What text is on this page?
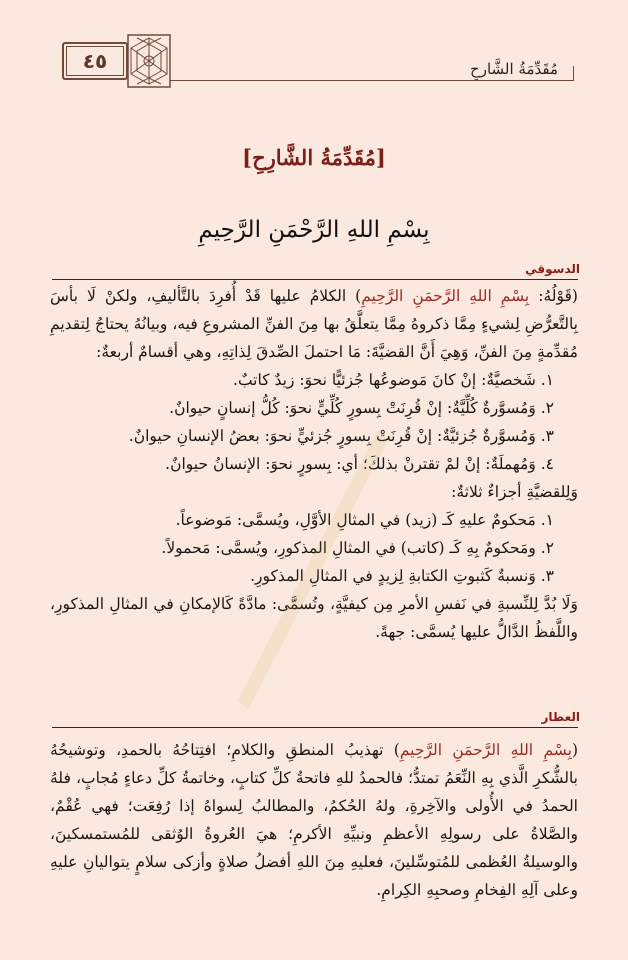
٤٥	مُقَدِّمَةُ الشَّارحِ
[مُقَدِّمَةُ الشَّارِحِ]
بِسْمِ اللهِ الرَّحْمَنِ الرَّحِيمِ
الدسوقي

(قَوْلُهُ: بِسْمِ اللهِ الرَّحمَنِ الرَّحِيمِ) الكلامُ عليها قَدْ أُفرِدَ بالتَّأليفِ، ولكنْ لَا بأسَ بِالتَّعرُّضِ لِشيءٍ مِمَّا ذكروهُ مِمَّا يتعلَّقُ بها مِنَ الفنِّ المشروعِ فيه، وبيانُهُ يحتاجُ لِتقديمِ مُقدِّمةٍ مِنَ الفنِّ، وَهِيَ أَنَّ القضيَّةَ: مَا احتملَ الصِّدقَ لِذاتِهِ، وهي أقسامٌ أربعةٌ:

١. شَخصيَّةٌ: إنْ كانَ مَوضوعُها جُزئيًّا نحوَ: زيدٌ كاتبٌ.

٢. وَمُسوَّرةٌ كُلِّيَّةٌ: إنْ قُرِنَتْ بِسورٍ كُلِّيٍّ نحوَ: كُلُّ إنسانٍ حيوانٌ.

٣. وَمُسوَّرةٌ جُزئيَّةٌ: إنْ قُرِنَتْ بِسورٍ جُزئيٍّ نحوَ: بعضُ الإنسانِ حيوانٌ.

٤. وَمُهملَةٌ: إنْ لمْ تقترنْ بذلكَ؛ أي: بِسورٍ نحوَ: الإنسانُ حيوانٌ.

وَلِلقضيَّةِ أجزاءٌ ثلاثةٌ:

١. مَحكومٌ عليهِ كَـ (زيد) في المثالِ الأوَّلِ، ويُسمَّى: مَوضوعاً.

٢. ومَحكومٌ بِهِ كَـ (كاتب) في المثالِ المذكورِ، ويُسمَّى: مَحمولاً.

٣. وَنسبةٌ كَثبوتِ الكتابةِ لِزيدٍ في المثالِ المذكورِ.

وَلَا بُدَّ لِلنِّسبةِ في نَفسِ الأمرِ مِن كيفيَّةٍ، وتُسمَّى: مادَّةً كَالإمكانِ في المثالِ المذكورِ، واللَّفظُ الدَّالُّ عليها يُسمَّى: جهةً.

العطار

(بِسْمِ اللهِ الرَّحمَنِ الرَّحِيمِ) تهذيبُ المنطقِ والكلامِ؛ افتِتاحُهُ بالحمدِ، وتوشيحُهُ بالشُّكرِ الَّذي بِهِ النِّعَمُ تمتدُّ؛ فالحمدُ للهِ فاتحةُ كلِّ كتابٍ، وخاتمةُ كلِّ دعاءٍ مُجابٍ، فلهُ الحمدُ في الأُولى والآخِرةِ، ولهُ الحُكمُ، والمطالبُ لِسواهُ إذا رُفِعَت؛ فهي عُقْمٌ، والصَّلاةُ على رسولِهِ الأعظمِ ونبيِّهِ الأكرمِ؛ هيَ العُروةُ الوُثقى للمُستمسكينَ، والوسيلةُ العُظمى للمُتوسِّلينَ، فعليهِ مِنَ اللهِ أفضلُ صلاةٍ وأزكى سلامٍ يتواليانِ عليهِ وعلى آلِهِ الفِخامِ وصحبِهِ الكِرامِ.
